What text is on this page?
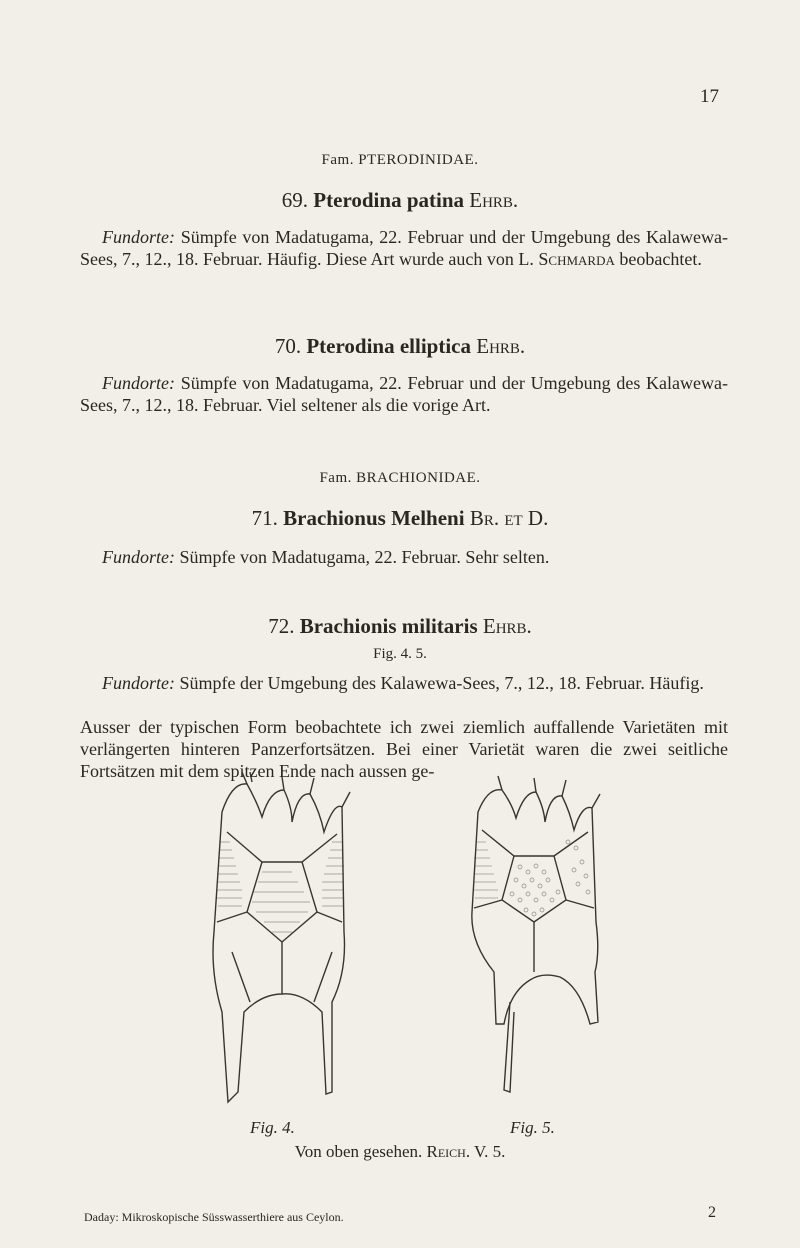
17
Fam. PTERODINIDAE.
69. Pterodina patina Ehrb.
Fundorte: Sümpfe von Madatugama, 22. Februar und der Umgebung des Kalawewa-Sees, 7., 12., 18. Februar. Häufig. Diese Art wurde auch von L. Schmarda beobachtet.
70. Pterodina elliptica Ehrb.
Fundorte: Sümpfe von Madatugama, 22. Februar und der Umgebung des Kalawewa-Sees, 7., 12., 18. Februar. Viel seltener als die vorige Art.
Fam. BRACHIONIDAE.
71. Brachionus Melheni Br. et D.
Fundorte: Sümpfe von Madatugama, 22. Februar. Sehr selten.
72. Brachionis militaris Ehrb.
Fig. 4. 5.
Fundorte: Sümpfe der Umgebung des Kalawewa-Sees, 7., 12., 18. Februar. Häufig.
Ausser der typischen Form beobachtete ich zwei ziemlich auffallende Varietäten mit verlängerten hinteren Panzerfortsätzen. Bei einer Varietät waren die zwei seitliche Fortsätzen mit dem spitzen Ende nach aussen ge-
Fig. 4.	Fig. 5.
Von oben gesehen. Reich. V. 5.
Daday: Mikroskopische Süsswasserthiere aus Ceylon.	2
